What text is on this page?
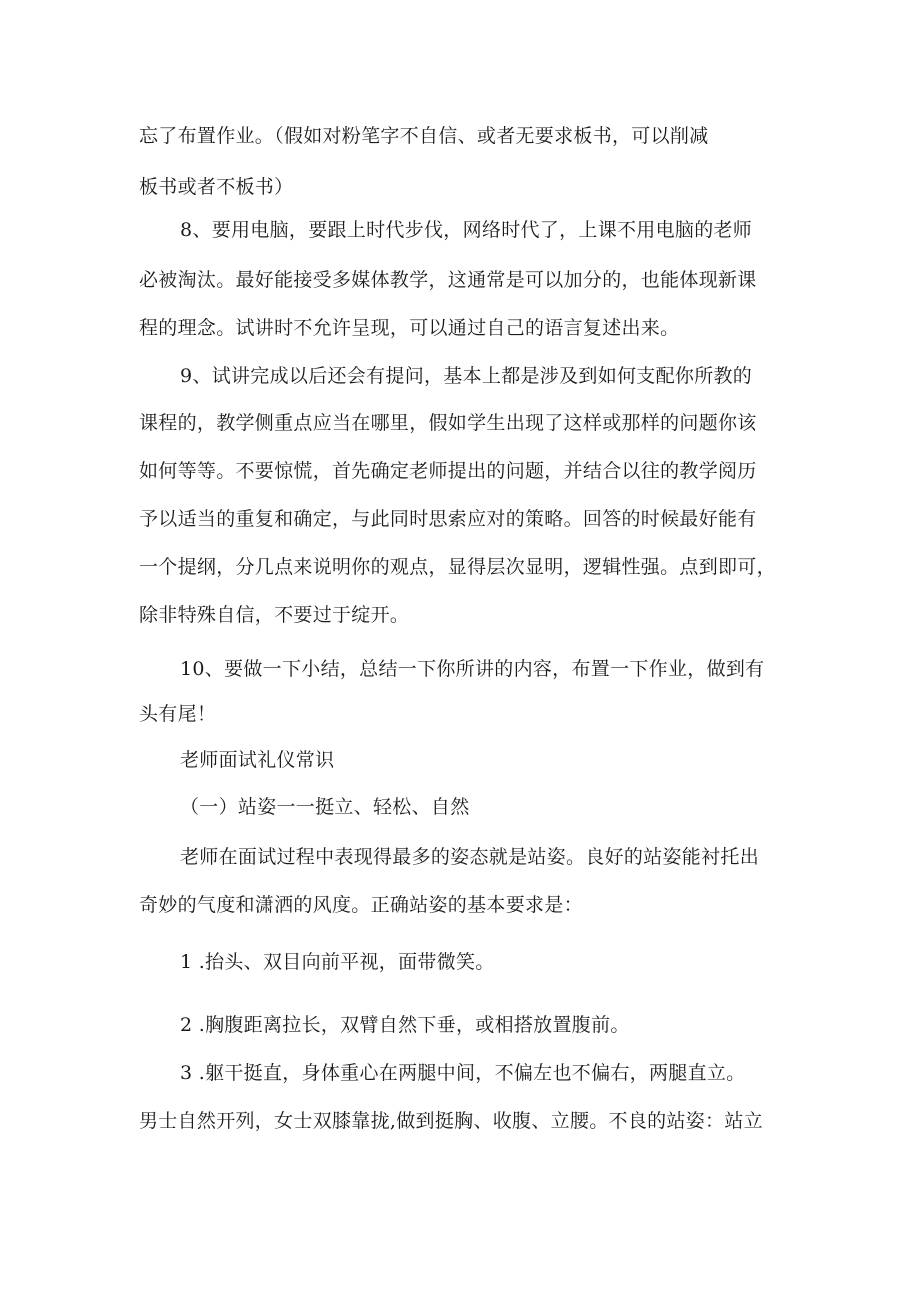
忘了布置作业。（假如对粉笔字不自信、或者无要求板书，可以削减
板书或者不板书）
8、要用电脑，要跟上时代步伐，网络时代了，上课不用电脑的老师
必被淘汰。最好能接受多媒体教学，这通常是可以加分的，也能体现新课
程的理念。试讲时不允许呈现，可以通过自己的语言复述出来。
9、试讲完成以后还会有提问，基本上都是涉及到如何支配你所教的
课程的，教学侧重点应当在哪里，假如学生出现了这样或那样的问题你该
如何等等。不要惊慌，首先确定老师提出的问题，并结合以往的教学阅历
予以适当的重复和确定，与此同时思索应对的策略。回答的时候最好能有
一个提纲，分几点来说明你的观点，显得层次显明，逻辑性强。点到即可，
除非特殊自信，不要过于绽开。
10、要做一下小结，总结一下你所讲的内容，布置一下作业，做到有
头有尾！
老师面试礼仪常识
（一）站姿一一挺立、轻松、自然
老师在面试过程中表现得最多的姿态就是站姿。良好的站姿能衬托出
奇妙的气度和潇洒的风度。正确站姿的基本要求是：
1 .抬头、双目向前平视，面带微笑。
2 .胸腹距离拉长，双臂自然下垂，或相搭放置腹前。
3 .躯干挺直，身体重心在两腿中间，不偏左也不偏右，两腿直立。
男士自然开列，女士双膝靠拢,做到挺胸、收腹、立腰。不良的站姿：站立
